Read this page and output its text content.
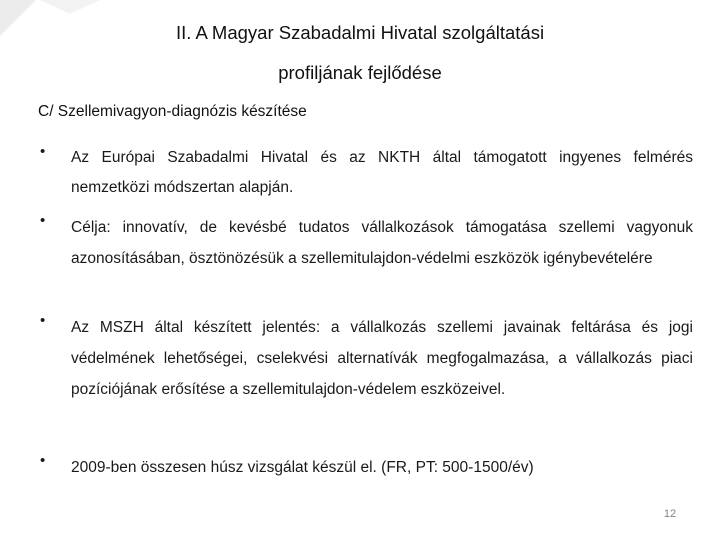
II. A Magyar Szabadalmi Hivatal szolgáltatási
profiljának fejlődése
C/ Szellemivagyon-diagnózis készítése
•	Az Európai Szabadalmi Hivatal és az NKTH által támogatott ingyenes felmérés nemzetközi módszertan alapján.
•	Célja: innovatív, de kevésbé tudatos vállalkozások támogatása szellemi vagyonuk azonosításában, ösztönözésük a szellemitulajdon-védelmi eszközök igénybevételére
•	Az MSZH által készített jelentés: a vállalkozás szellemi javainak feltárása és jogi védelmének lehetőségei, cselekvési alternatívák megfogalmazása, a vállalkozás piaci pozíciójának erősítése a szellemitulajdon-védelem eszközeivel.
•	2009-ben összesen húsz vizsgálat készül el. (FR, PT: 500-1500/év)
12
